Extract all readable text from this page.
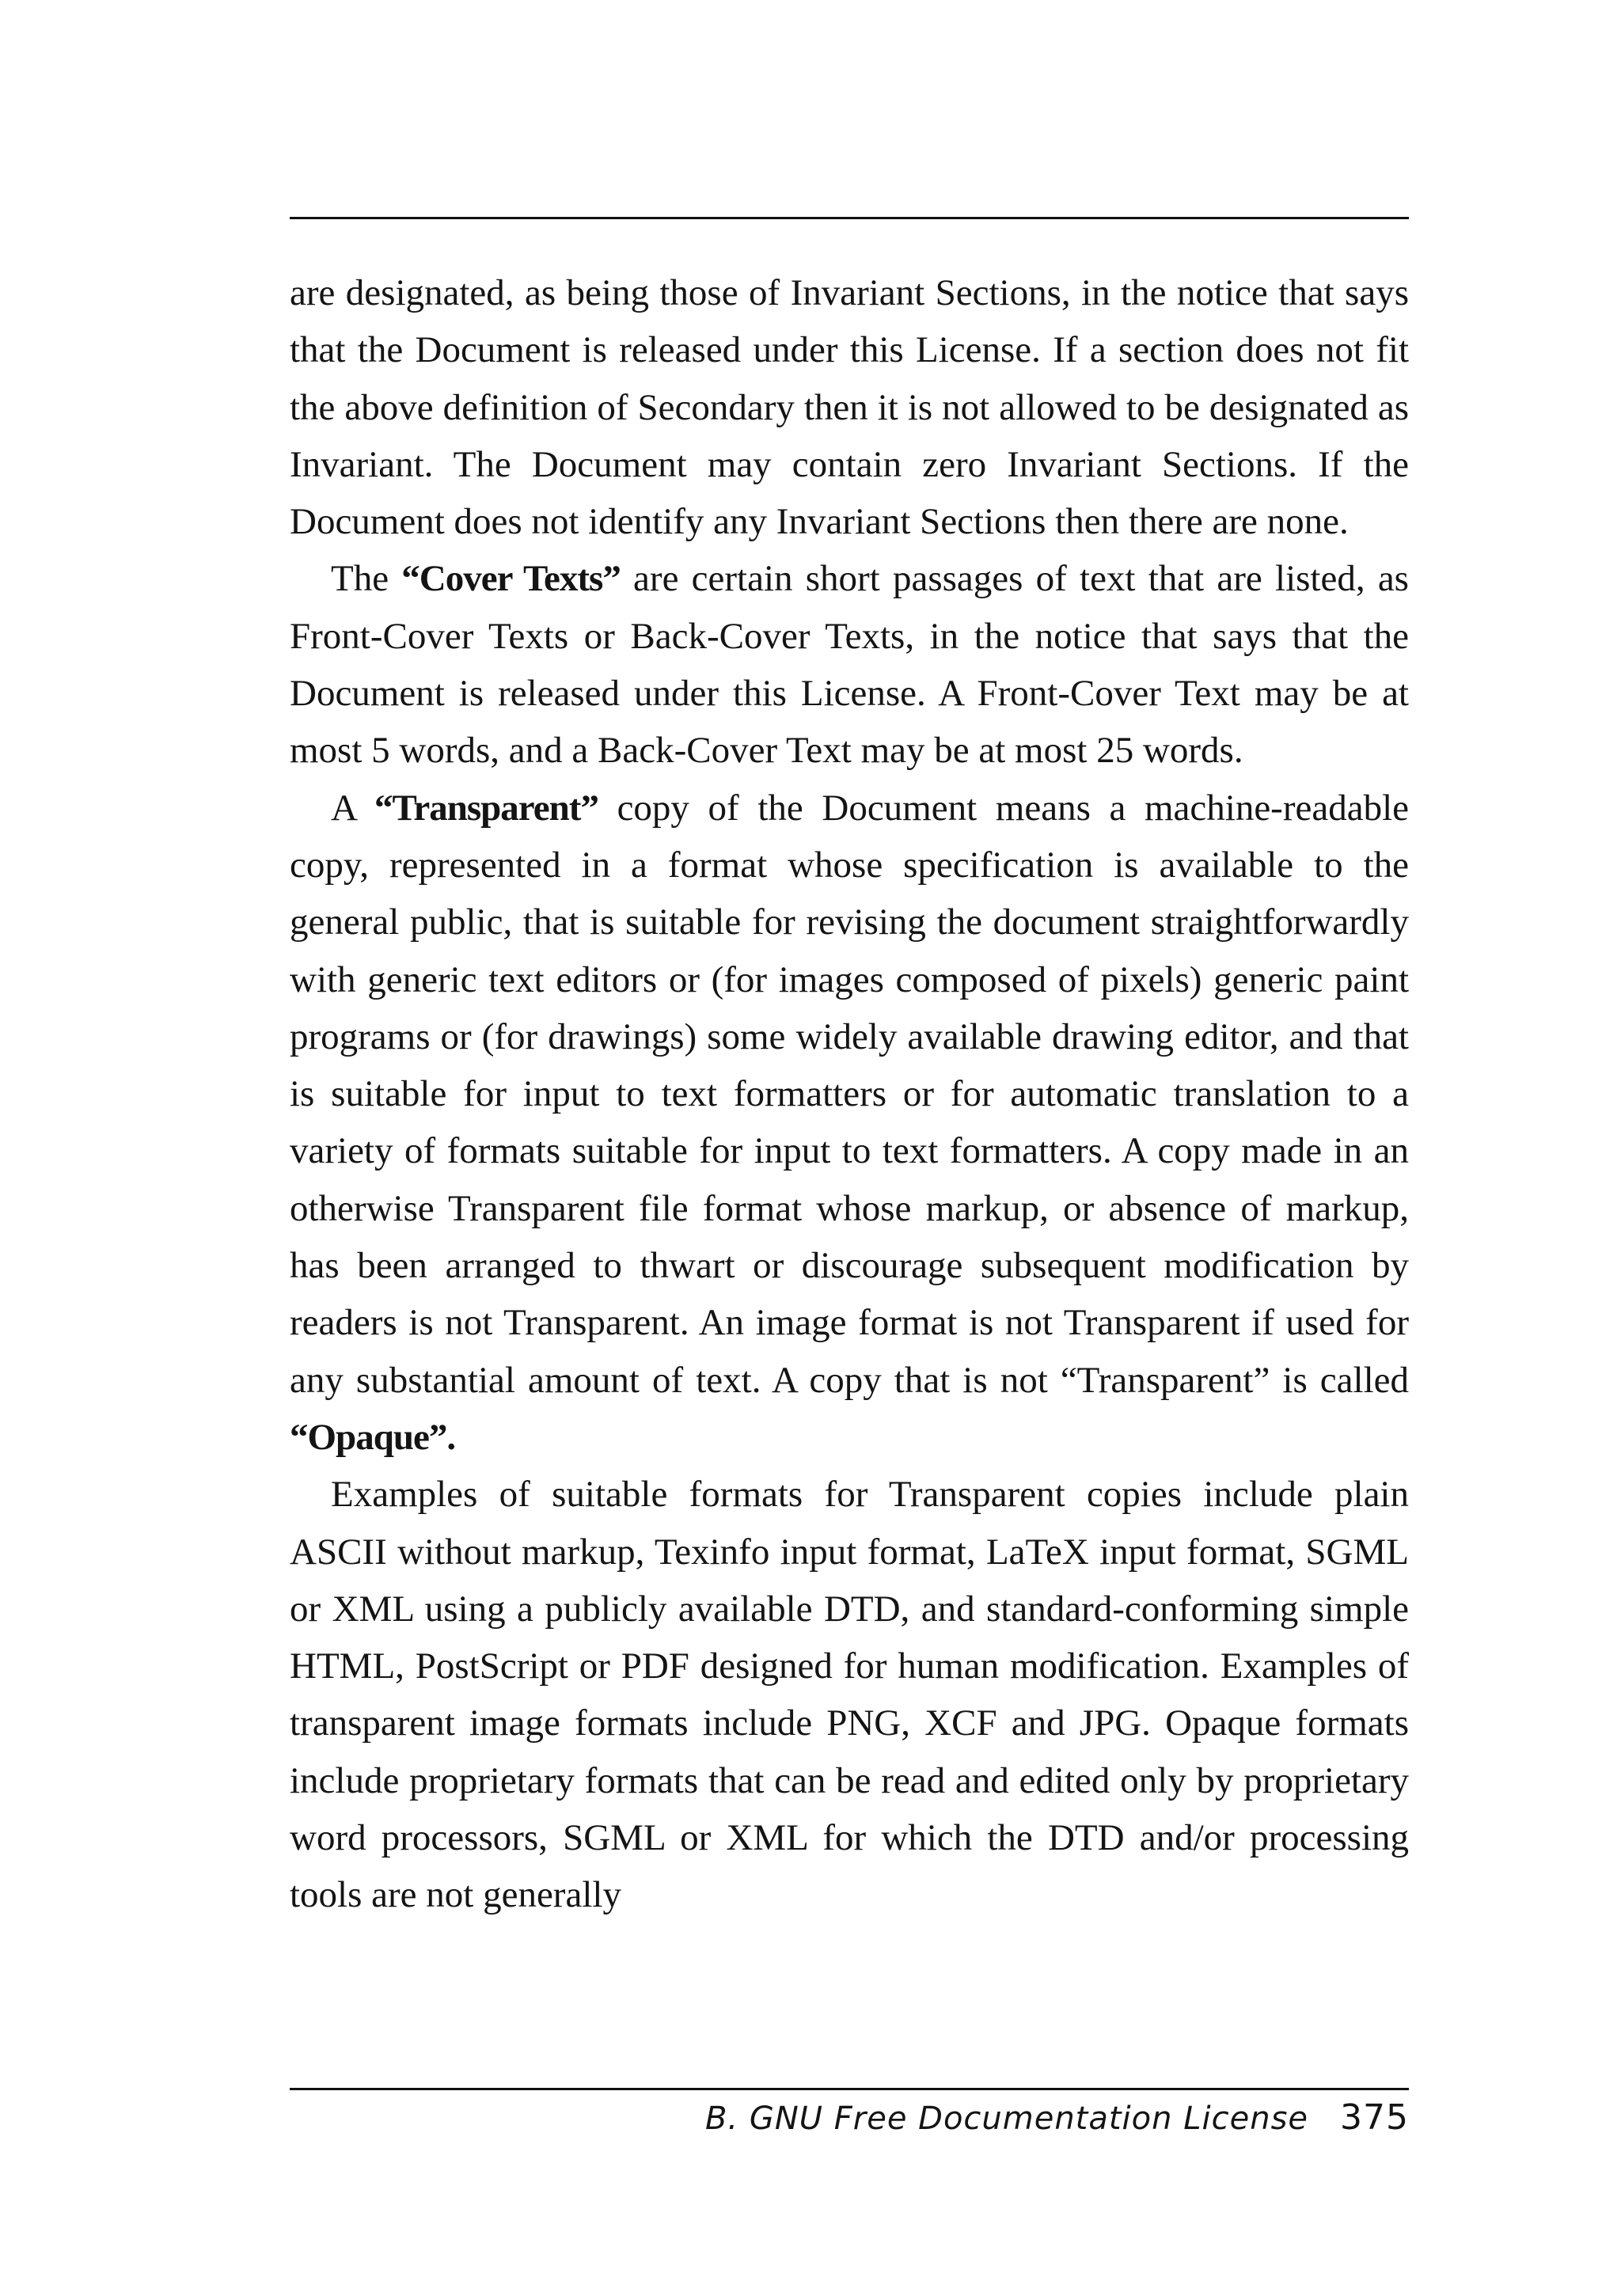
are designated, as being those of Invariant Sections, in the notice that says that the Document is released under this License. If a section does not fit the above definition of Secondary then it is not allowed to be designated as Invariant. The Document may contain zero Invariant Sections. If the Document does not identify any Invariant Sections then there are none.

The “Cover Texts” are certain short passages of text that are listed, as Front-Cover Texts or Back-Cover Texts, in the notice that says that the Document is released under this License. A Front-Cover Text may be at most 5 words, and a Back-Cover Text may be at most 25 words.

A “Transparent” copy of the Document means a machine-readable copy, represented in a format whose specification is available to the general public, that is suitable for revising the document straightforwardly with generic text editors or (for images composed of pixels) generic paint programs or (for drawings) some widely available drawing editor, and that is suitable for input to text formatters or for automatic translation to a variety of formats suitable for input to text formatters. A copy made in an otherwise Transparent file format whose markup, or absence of markup, has been arranged to thwart or discourage subsequent modification by readers is not Transparent. An image format is not Transparent if used for any substantial amount of text. A copy that is not “Transparent” is called “Opaque”.

Examples of suitable formats for Transparent copies include plain ASCII without markup, Texinfo input format, LaTeX input format, SGML or XML using a publicly available DTD, and standard-conforming simple HTML, PostScript or PDF designed for human modification. Examples of transparent image formats include PNG, XCF and JPG. Opaque formats include proprietary formats that can be read and edited only by proprietary word processors, SGML or XML for which the DTD and/or processing tools are not generally

B. GNU Free Documentation License 375
